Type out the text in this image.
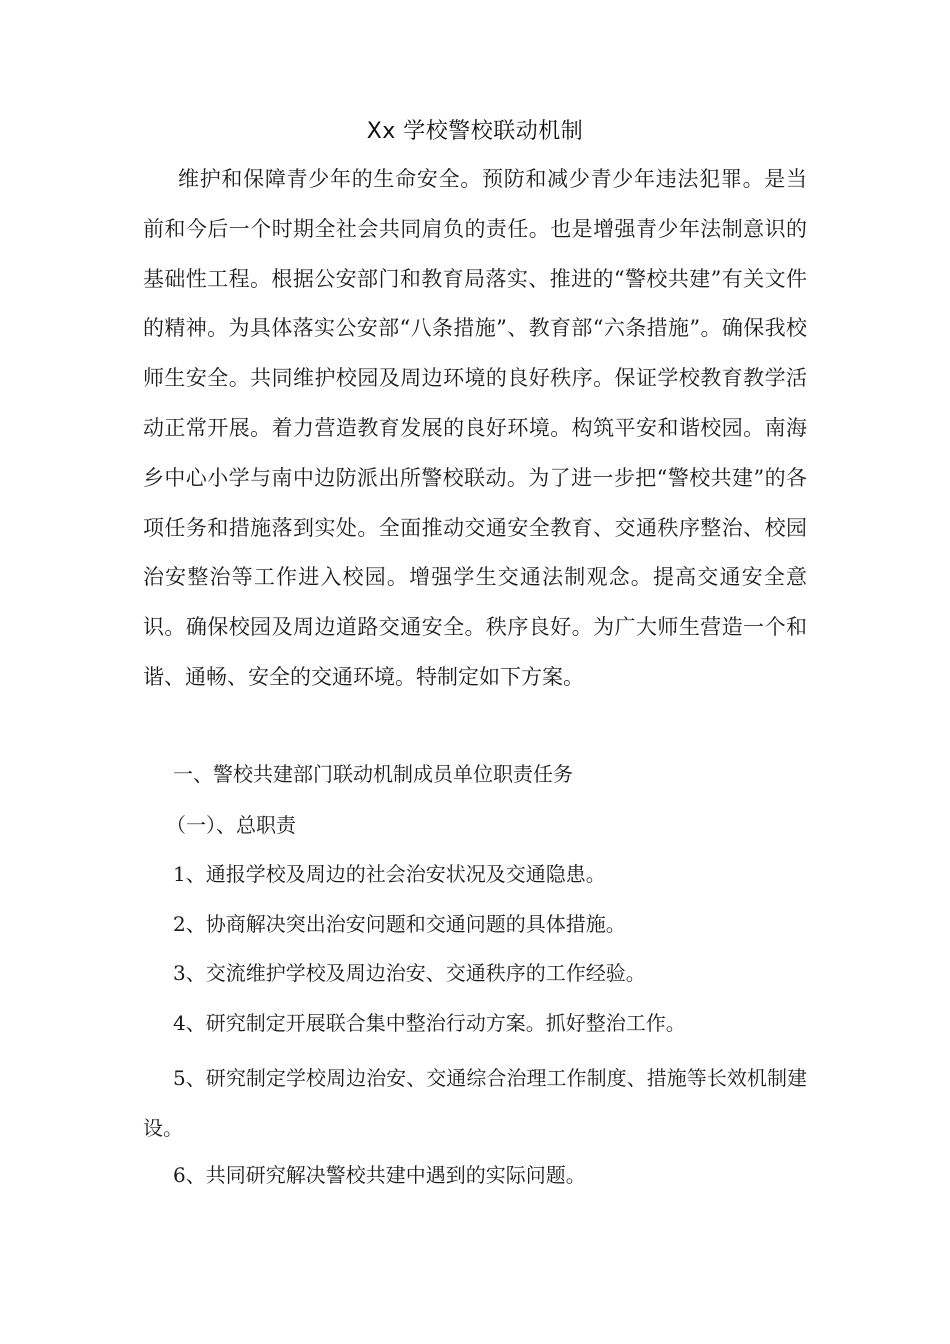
Xx 学校警校联动机制

维护和保障青少年的生命安全。预防和减少青少年违法犯罪。是当前和今后一个时期全社会共同肩负的责任。也是增强青少年法制意识的基础性工程。根据公安部门和教育局落实、推进的“警校共建”有关文件的精神。为具体落实公安部“八条措施”、教育部“六条措施”。确保我校师生安全。共同维护校园及周边环境的良好秩序。保证学校教育教学活动正常开展。着力营造教育发展的良好环境。构筑平安和谐校园。南海乡中心小学与南中边防派出所警校联动。为了进一步把“警校共建”的各项任务和措施落到实处。全面推动交通安全教育、交通秩序整治、校园治安整治等工作进入校园。增强学生交通法制观念。提高交通安全意识。确保校园及周边道路交通安全。秩序良好。为广大师生营造一个和谐、通畅、安全的交通环境。特制定如下方案。

一、警校共建部门联动机制成员单位职责任务

（一）、总职责

1、通报学校及周边的社会治安状况及交通隐患。

2、协商解决突出治安问题和交通问题的具体措施。

3、交流维护学校及周边治安、交通秩序的工作经验。

4、研究制定开展联合集中整治行动方案。抓好整治工作。

5、研究制定学校周边治安、交通综合治理工作制度、措施等长效机制建设。

6、共同研究解决警校共建中遇到的实际问题。
